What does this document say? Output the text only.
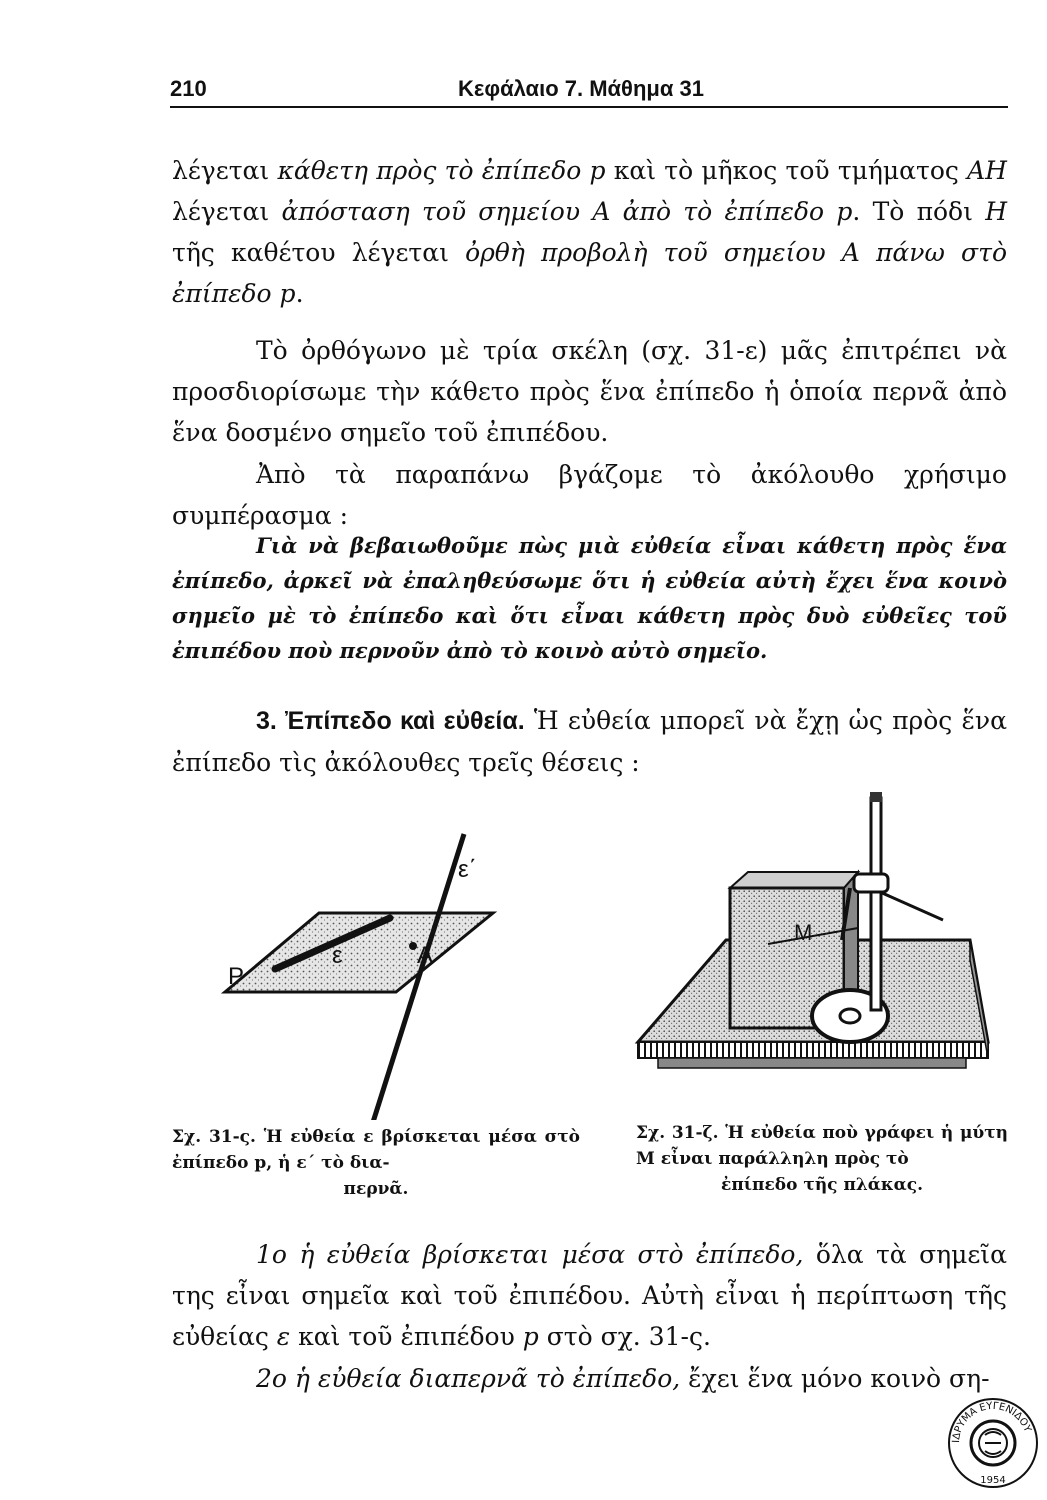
210	Κεφάλαιο 7. Μάθημα 31

λέγεται κάθετη πρὸς τὸ ἐπίπεδο p καὶ τὸ μῆκος τοῦ τμήματος ΑΗ λέγεται ἀπόσταση τοῦ σημείου Α ἀπὸ τὸ ἐπίπεδο p. Τὸ πόδι Η τῆς καθέτου λέγεται ὀρθὴ προβολὴ τοῦ σημείου Α πάνω στὸ ἐπίπεδο p.

Τὸ ὀρθόγωνο μὲ τρία σκέλη (σχ. 31-ε) μᾶς ἐπιτρέπει νὰ προσδιορίσωμε τὴν κάθετο πρὸς ἕνα ἐπίπεδο ἡ ὁποία περνᾶ ἀπὸ ἕνα δοσμένο σημεῖο τοῦ ἐπιπέδου.

Ἀπὸ τὰ παραπάνω βγάζομε τὸ ἀκόλουθο χρήσιμο συμπέρασμα :

Γιὰ νὰ βεβαιωθοῦμε πὼς μιὰ εὐθεία εἶναι κάθετη πρὸς ἕνα ἐπίπεδο, ἀρκεῖ νὰ ἐπαληθεύσωμε ὅτι ἡ εὐθεία αὐτὴ ἔχει ἕνα κοινὸ σημεῖο μὲ τὸ ἐπίπεδο καὶ ὅτι εἶναι κάθετη πρὸς δυὸ εὐθεῖες τοῦ ἐπιπέδου ποὺ περνοῦν ἀπὸ τὸ κοινὸ αὐτὸ σημεῖο.

3. Ἐπίπεδο καὶ εὐθεία. Ἡ εὐθεία μπορεῖ νὰ ἔχῃ ὡς πρὸς ἕνα ἐπίπεδο τὶς ἀκόλουθες τρεῖς θέσεις :

P
ε
ε΄
Α
M

Σχ. 31-ς. Ἡ εὐθεία ε βρίσκεται μέσα στὸ ἐπίπεδο p, ἡ ε΄ τὸ δια-
περνᾶ.

Σχ. 31-ζ. Ἡ εὐθεία ποὺ γράφει ἡ μύτη Μ εἶναι παράλληλη πρὸς τὸ
ἐπίπεδο τῆς πλάκας.

1ο ἡ εὐθεία βρίσκεται μέσα στὸ ἐπίπεδο, ὅλα τὰ σημεῖα της εἶναι σημεῖα καὶ τοῦ ἐπιπέδου. Αὐτὴ εἶναι ἡ περίπτωση τῆς εὐθείας ε καὶ τοῦ ἐπιπέδου p στὸ σχ. 31-ς.

2ο ἡ εὐθεία διαπερνᾶ τὸ ἐπίπεδο, ἔχει ἕνα μόνο κοινὸ ση-

ΙΔΡΥΜΑ ΕΥΓΕΝΙΔΟΥ
1954
